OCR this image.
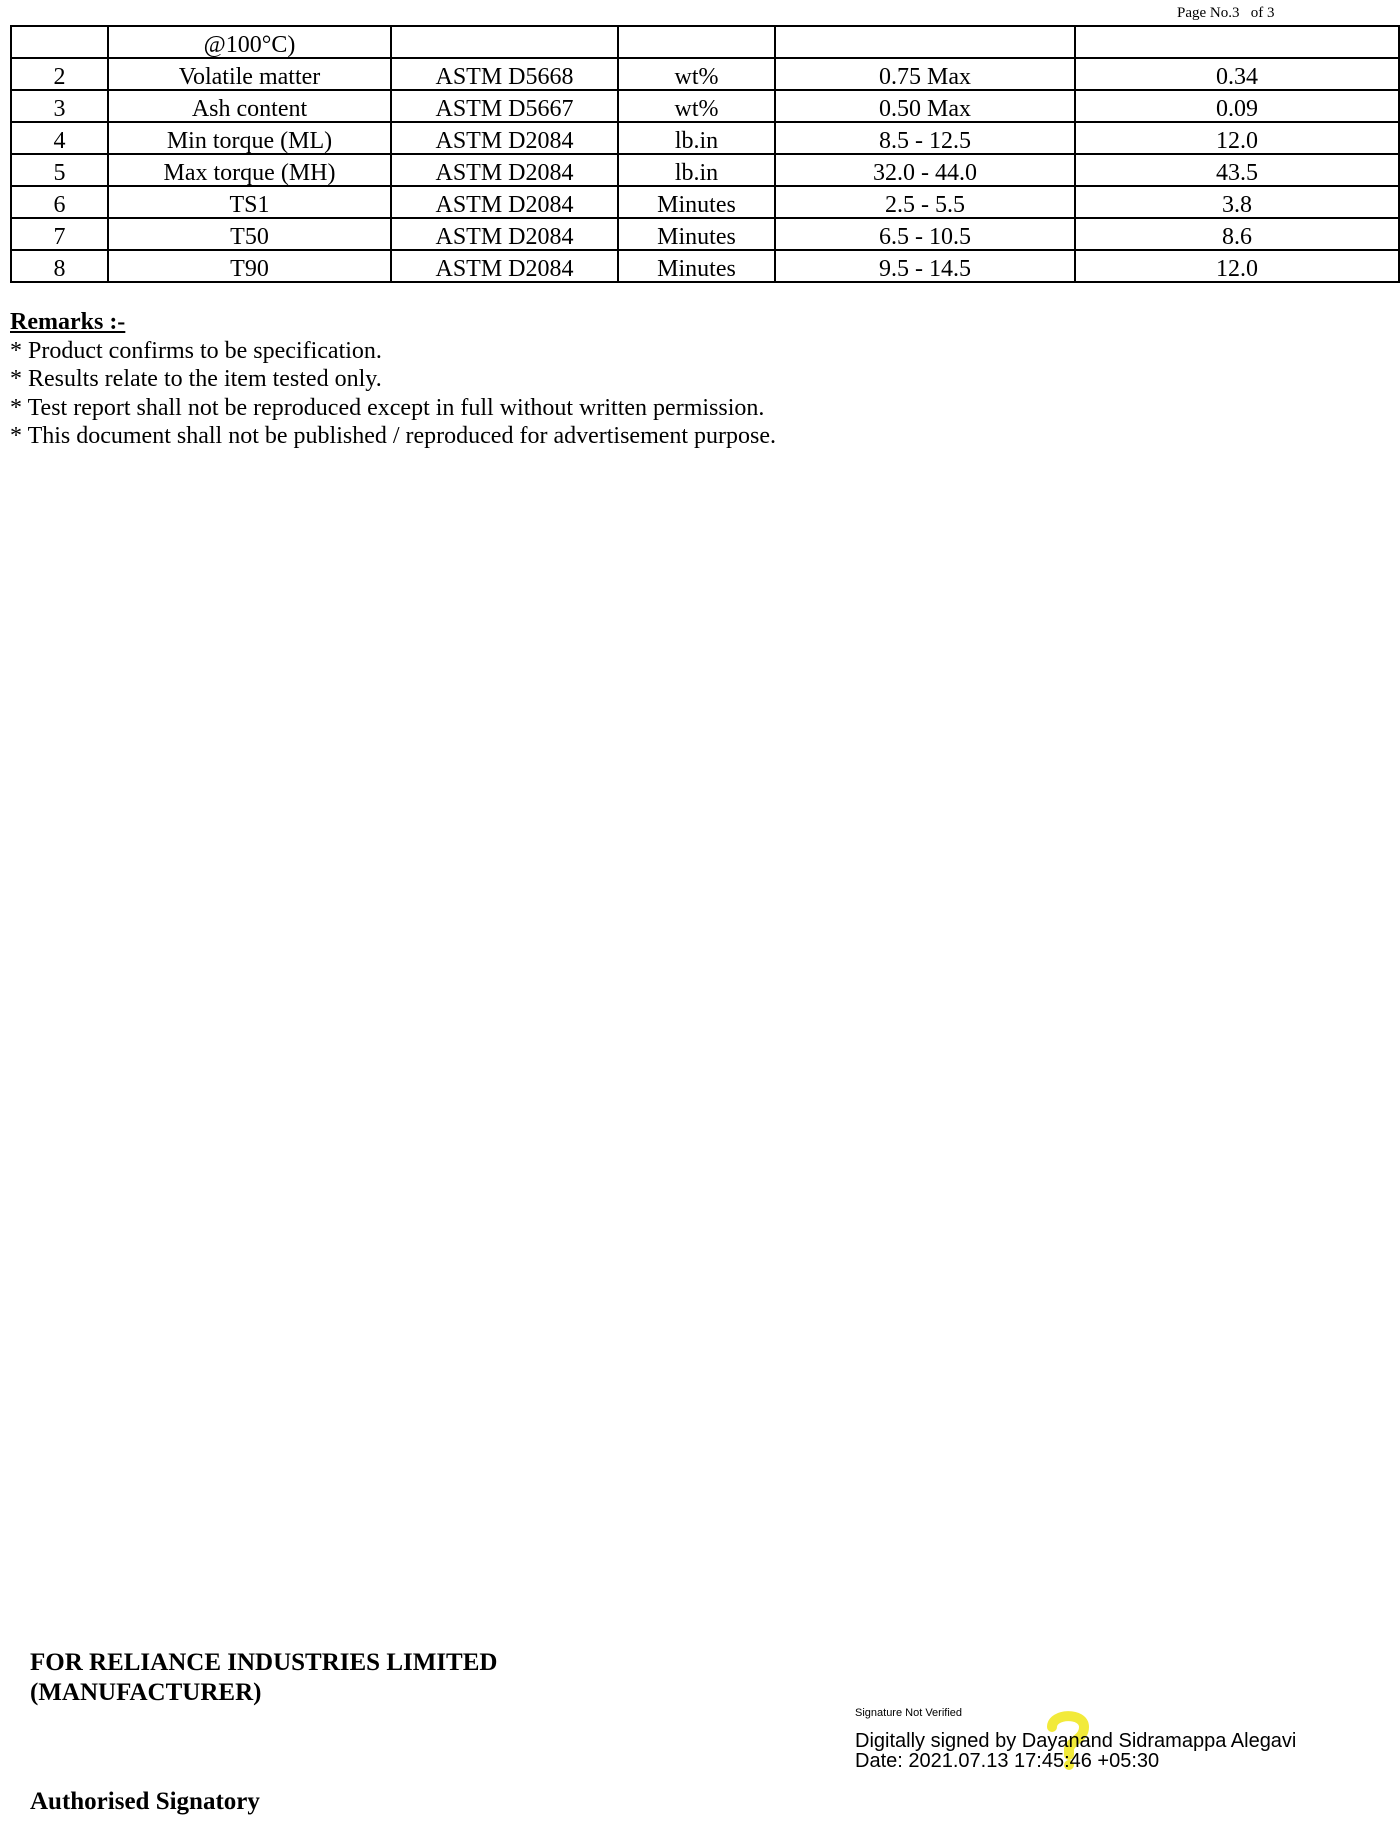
Page No.3   of 3
	@100°C)				
2	Volatile matter	ASTM D5668	wt%	0.75 Max	0.34
3	Ash content	ASTM D5667	wt%	0.50 Max	0.09
4	Min torque (ML)	ASTM D2084	lb.in	8.5 - 12.5	12.0
5	Max torque (MH)	ASTM D2084	lb.in	32.0 - 44.0	43.5
6	TS1	ASTM D2084	Minutes	2.5 - 5.5	3.8
7	T50	ASTM D2084	Minutes	6.5 - 10.5	8.6
8	T90	ASTM D2084	Minutes	9.5 - 14.5	12.0
Remarks :-
* Product confirms to be specification.
* Results relate to the item tested only.
* Test report shall not be reproduced except in full without written permission.
* This document shall not be published / reproduced for advertisement purpose.
FOR RELIANCE INDUSTRIES LIMITED
(MANUFACTURER)
Authorised Signatory
Signature Not Verified
Digitally signed by Dayanand Sidramappa Alegavi
Date: 2021.07.13 17:45:46 +05:30
